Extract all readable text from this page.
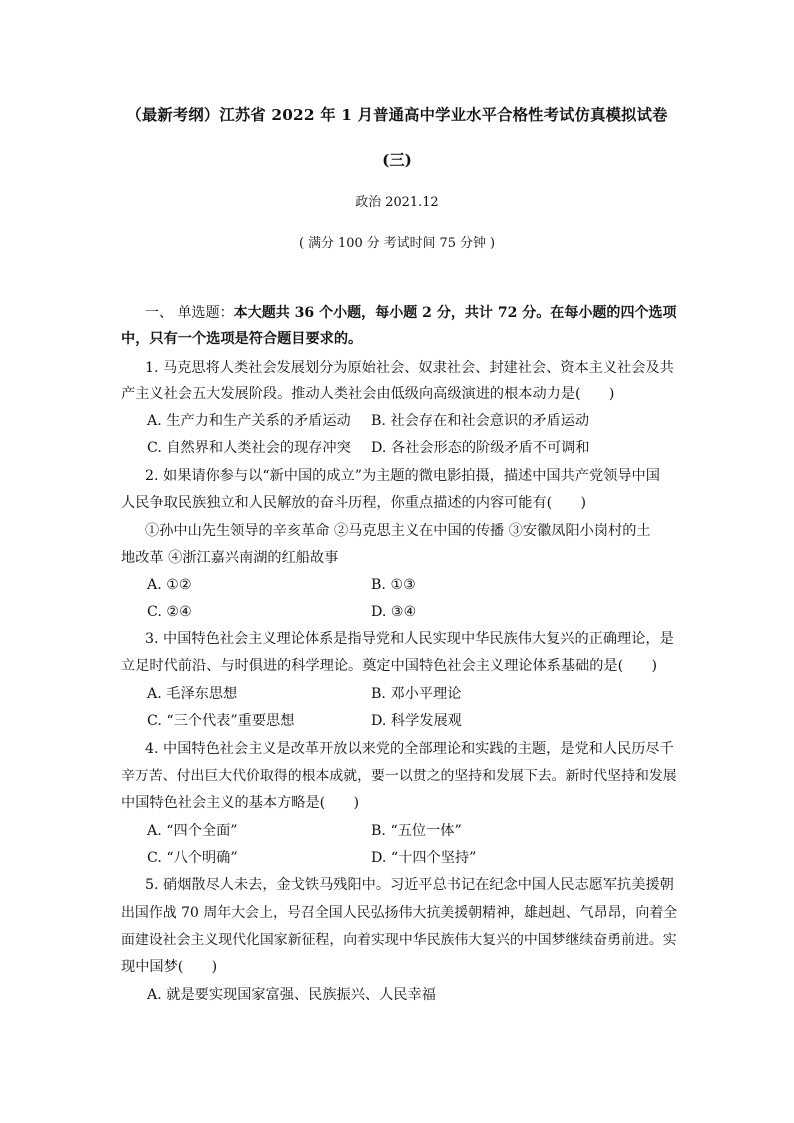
（最新考纲）江苏省 2022 年 1 月普通高中学业水平合格性考试仿真模拟试卷
(三)
政治 2021.12
( 满分 100 分 考试时间 75 分钟 )
一、 单选题：本大题共 36 个小题，每小题 2 分，共计 72 分。在每小题的四个选项
中，只有一个选项是符合题目要求的。
1. 马克思将人类社会发展划分为原始社会、奴隶社会、封建社会、资本主义社会及共
产主义社会五大发展阶段。推动人类社会由低级向高级演进的根本动力是(　　)
A. 生产力和生产关系的矛盾运动 B. 社会存在和社会意识的矛盾运动
C. 自然界和人类社会的现存冲突 D. 各社会形态的阶级矛盾不可调和
2. 如果请你参与以“新中国的成立”为主题的微电影拍摄，描述中国共产党领导中国
人民争取民族独立和人民解放的奋斗历程，你重点描述的内容可能有(　　)
①孙中山先生领导的辛亥革命 ②马克思主义在中国的传播 ③安徽凤阳小岗村的土
地改革 ④浙江嘉兴南湖的红船故事
A. ①②	B. ①③
C. ②④	D. ③④
3. 中国特色社会主义理论体系是指导党和人民实现中华民族伟大复兴的正确理论，是
立足时代前沿、与时俱进的科学理论。奠定中国特色社会主义理论体系基础的是(　　)
A. 毛泽东思想	B. 邓小平理论
C. “三个代表”重要思想	D. 科学发展观
4. 中国特色社会主义是改革开放以来党的全部理论和实践的主题，是党和人民历尽千
辛万苦、付出巨大代价取得的根本成就，要一以贯之的坚持和发展下去。新时代坚持和发展
中国特色社会主义的基本方略是(　　)
A. “四个全面”	B. “五位一体”
C. “八个明确”	D. “十四个坚持”
5. 硝烟散尽人未去，金戈铁马残阳中。习近平总书记在纪念中国人民志愿军抗美援朝
出国作战 70 周年大会上，号召全国人民弘扬伟大抗美援朝精神，雄赳赳、气昂昂，向着全
面建设社会主义现代化国家新征程，向着实现中华民族伟大复兴的中国梦继续奋勇前进。实
现中国梦(　　)
A. 就是要实现国家富强、民族振兴、人民幸福
